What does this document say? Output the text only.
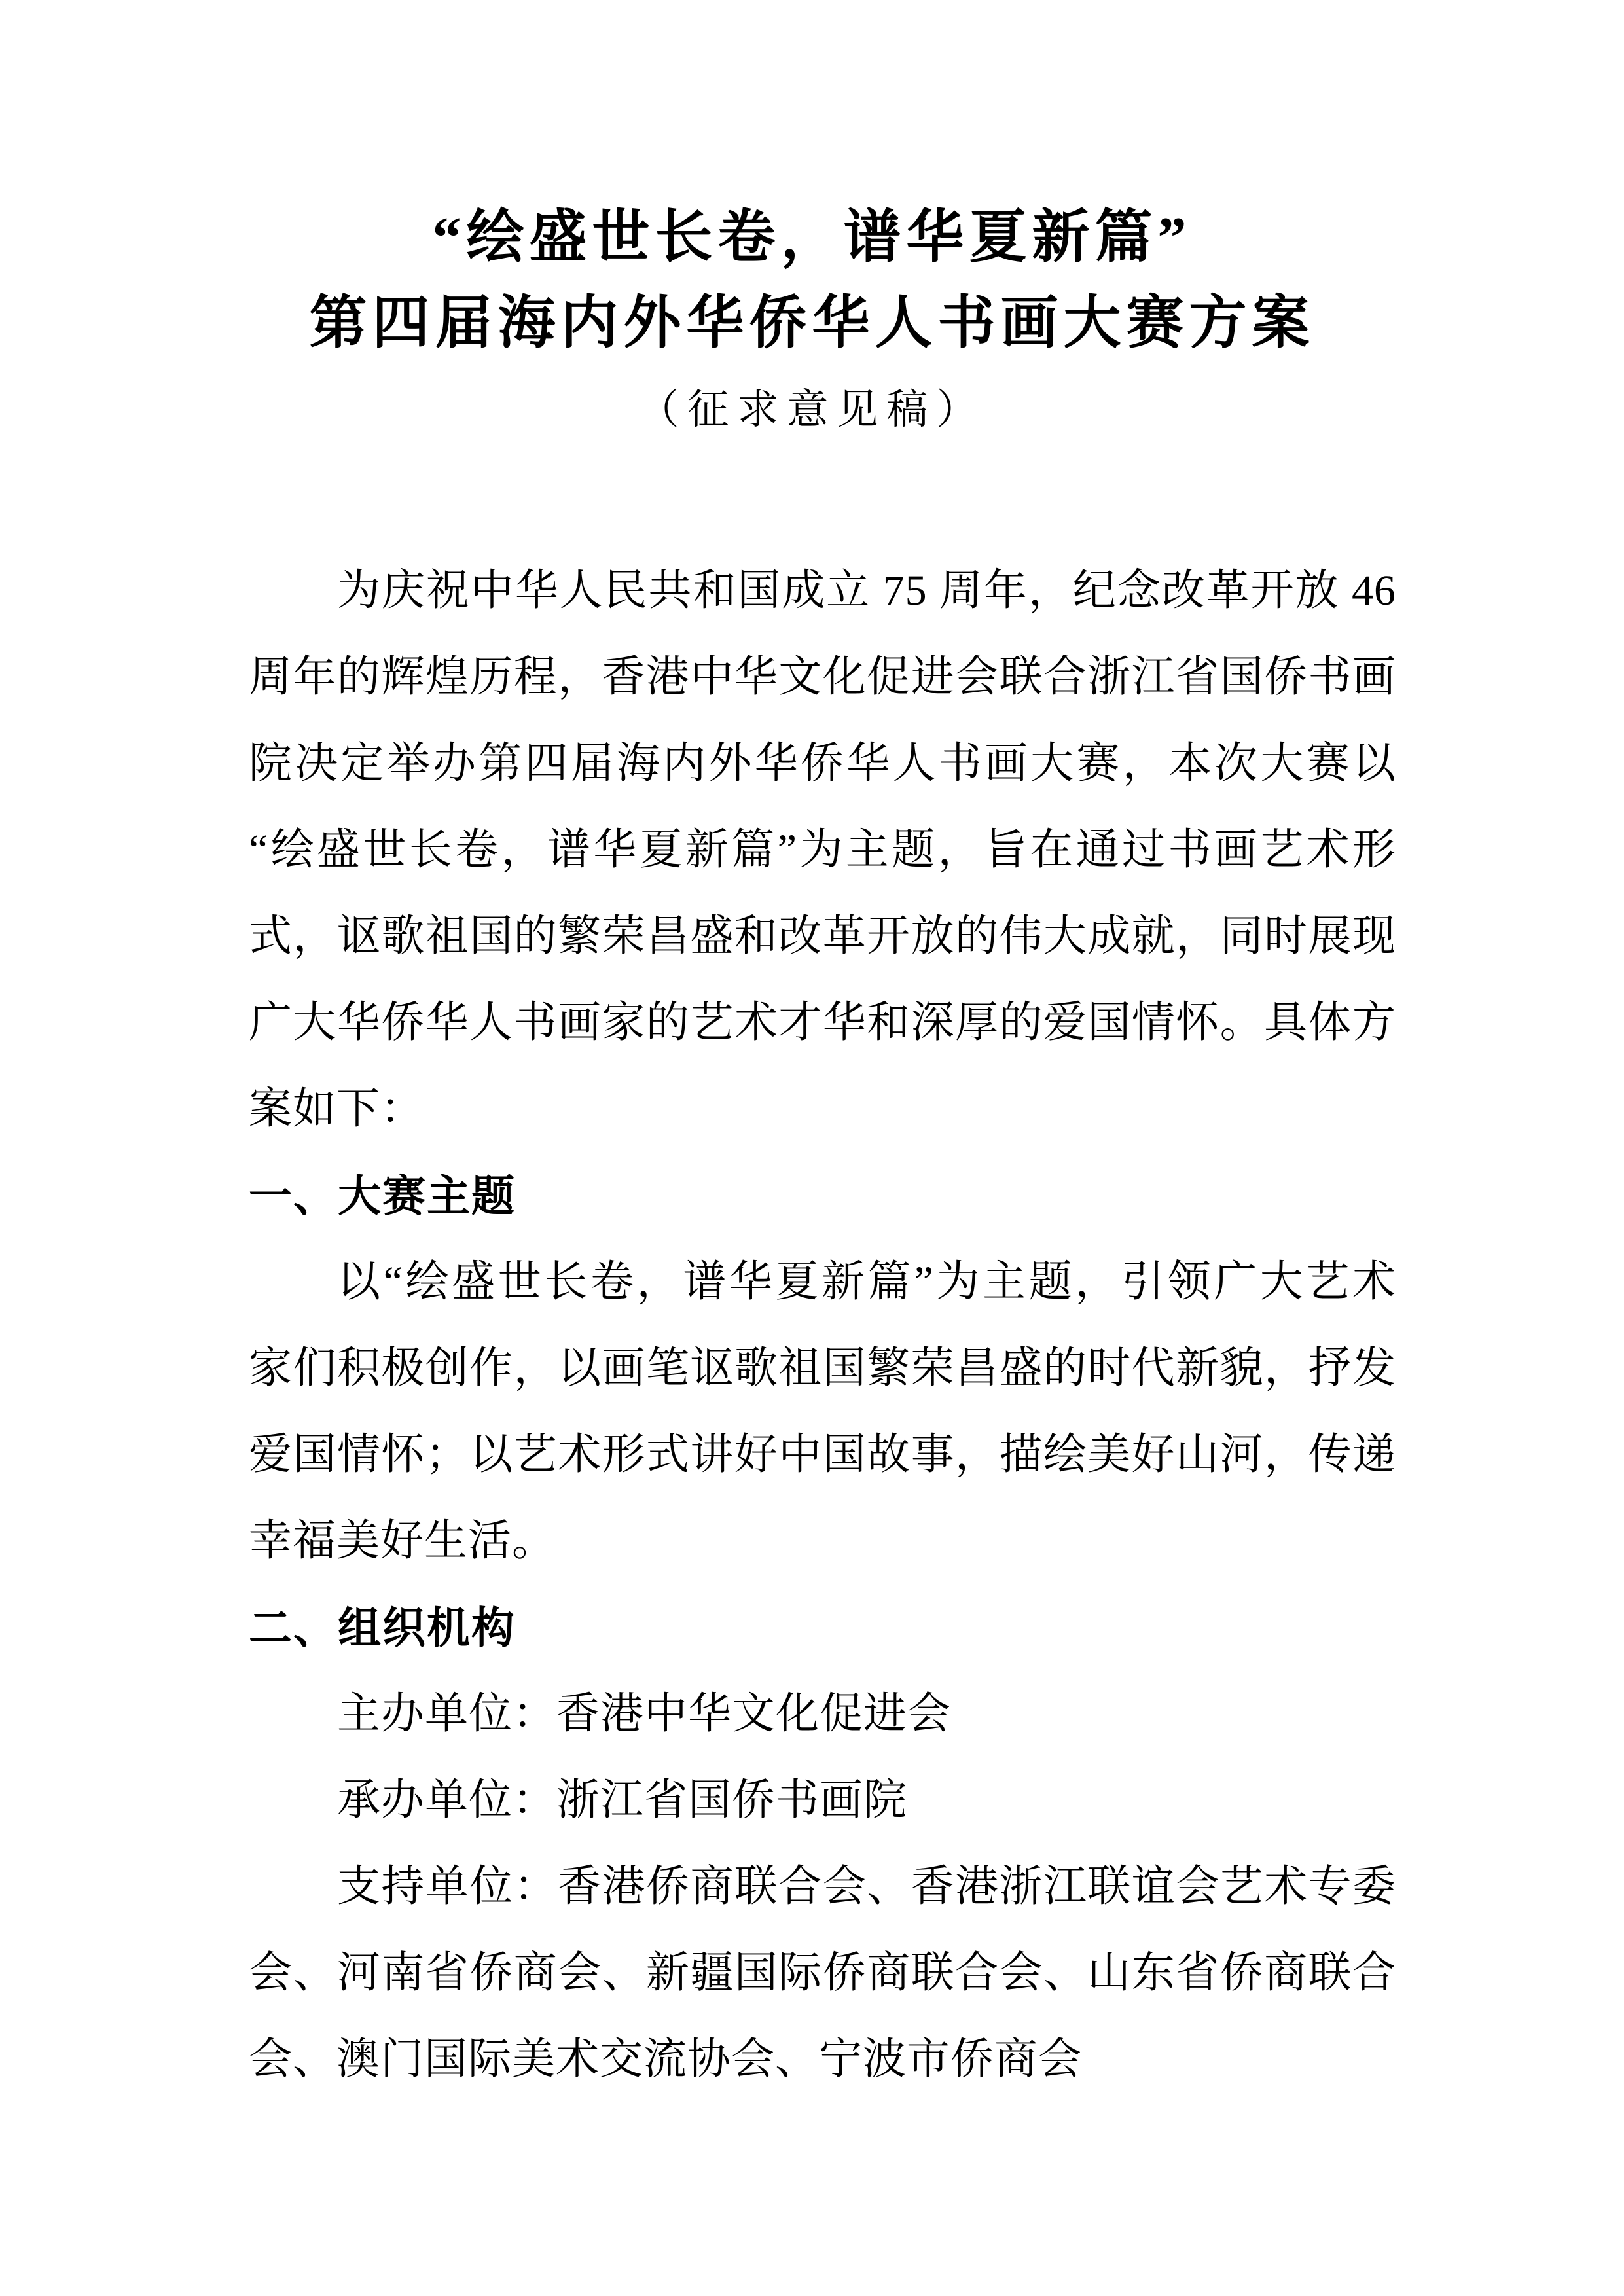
“绘盛世长卷，谱华夏新篇”
第四届海内外华侨华人书画大赛方案
（征求意见稿）
为庆祝中华人民共和国成立 75 周年，纪念改革开放 46
周年的辉煌历程，香港中华文化促进会联合浙江省国侨书画
院决定举办第四届海内外华侨华人书画大赛，本次大赛以
“绘盛世长卷，谱华夏新篇”为主题，旨在通过书画艺术形
式，讴歌祖国的繁荣昌盛和改革开放的伟大成就，同时展现
广大华侨华人书画家的艺术才华和深厚的爱国情怀。具体方
案如下：
一、大赛主题
以“绘盛世长卷，谱华夏新篇”为主题，引领广大艺术
家们积极创作，以画笔讴歌祖国繁荣昌盛的时代新貌，抒发
爱国情怀；以艺术形式讲好中国故事，描绘美好山河，传递
幸福美好生活。
二、组织机构
主办单位：香港中华文化促进会
承办单位：浙江省国侨书画院
支持单位：香港侨商联合会、香港浙江联谊会艺术专委
会、河南省侨商会、新疆国际侨商联合会、山东省侨商联合
会、澳门国际美术交流协会、宁波市侨商会
